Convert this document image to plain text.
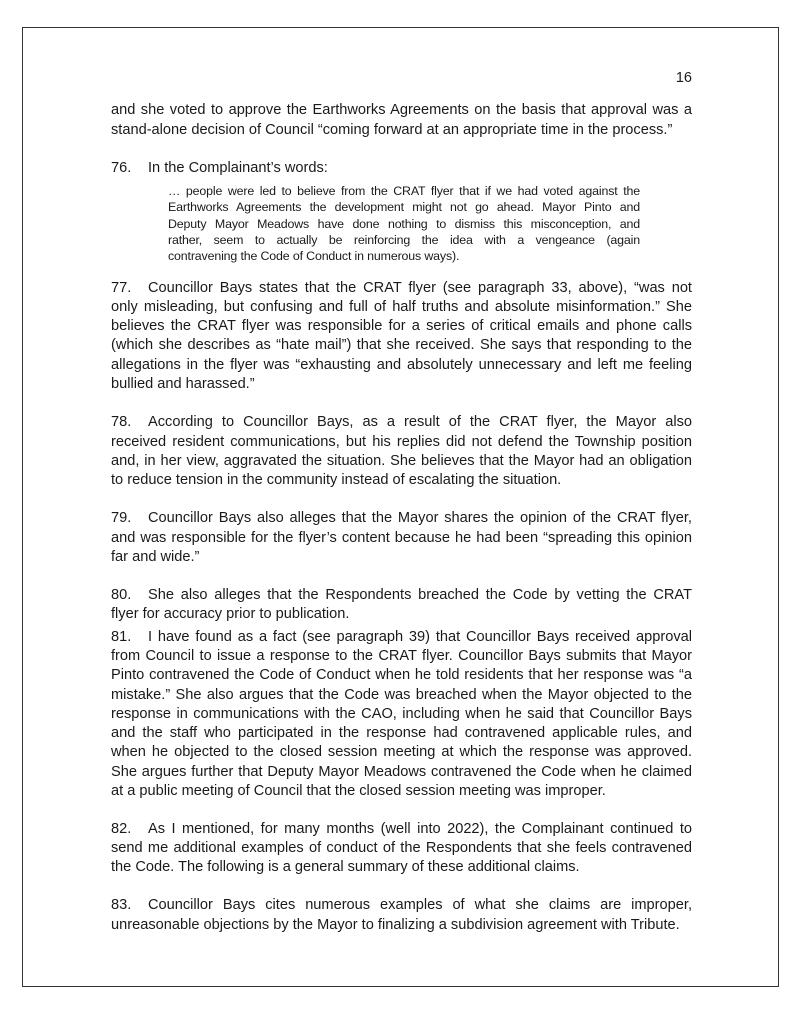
16
and she voted to approve the Earthworks Agreements on the basis that approval was a
stand-alone decision of Council “coming forward at an appropriate time in the process.”
76. In the Complainant’s words:
… people were led to believe from the CRAT flyer that if we had voted against the
Earthworks Agreements the development might not go ahead. Mayor Pinto and
Deputy Mayor Meadows have done nothing to dismiss this misconception, and
rather, seem to actually be reinforcing the idea with a vengeance (again
contravening the Code of Conduct in numerous ways).
77. Councillor Bays states that the CRAT flyer (see paragraph 33, above), “was not
only misleading, but confusing and full of half truths and absolute misinformation.” She
believes the CRAT flyer was responsible for a series of critical emails and phone calls
(which she describes as “hate mail”) that she received. She says that responding to the
allegations in the flyer was “exhausting and absolutely unnecessary and left me feeling
bullied and harassed.”
78. According to Councillor Bays, as a result of the CRAT flyer, the Mayor also
received resident communications, but his replies did not defend the Township position
and, in her view, aggravated the situation. She believes that the Mayor had an obligation
to reduce tension in the community instead of escalating the situation.
79. Councillor Bays also alleges that the Mayor shares the opinion of the CRAT flyer,
and was responsible for the flyer’s content because he had been “spreading this opinion
far and wide.”
80. She also alleges that the Respondents breached the Code by vetting the CRAT
flyer for accuracy prior to publication.
81. I have found as a fact (see paragraph 39) that Councillor Bays received approval
from Council to issue a response to the CRAT flyer. Councillor Bays submits that Mayor
Pinto contravened the Code of Conduct when he told residents that her response was “a
mistake.” She also argues that the Code was breached when the Mayor objected to the
response in communications with the CAO, including when he said that Councillor Bays
and the staff who participated in the response had contravened applicable rules, and
when he objected to the closed session meeting at which the response was approved.
She argues further that Deputy Mayor Meadows contravened the Code when he claimed
at a public meeting of Council that the closed session meeting was improper.
82. As I mentioned, for many months (well into 2022), the Complainant continued to
send me additional examples of conduct of the Respondents that she feels contravened
the Code. The following is a general summary of these additional claims.
83. Councillor Bays cites numerous examples of what she claims are improper,
unreasonable objections by the Mayor to finalizing a subdivision agreement with Tribute.
